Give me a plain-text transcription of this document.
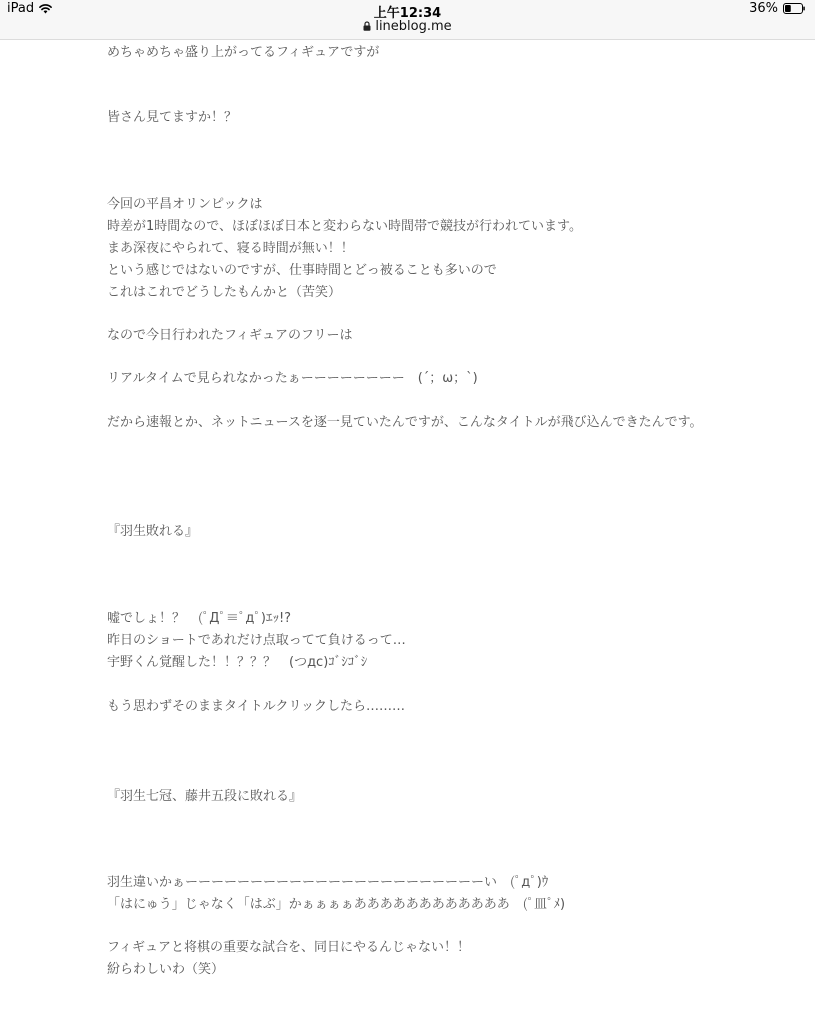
iPad	上午12:34
lineblog.me
36%
めちゃめちゃ盛り上がってるフィギュアですが
皆さん見てますか！？
今回の平昌オリンピックは
時差が1時間なので、ほぼほぼ日本と変わらない時間帯で競技が行われています。
まあ深夜にやられて、寝る時間が無い！！
という感じではないのですが、仕事時間とどっ被ることも多いので
これはこれでどうしたもんかと（苦笑）
なので今日行われたフィギュアのフリーは
リアルタイムで見られなかったぁーーーーーーーー　(´；ω；`)
だから速報とか、ネットニュースを逐一見ていたんですが、こんなタイトルが飛び込んできたんです。
『羽生敗れる』
嘘でしょ！？　(ﾟДﾟ≡ﾟдﾟ)ｴｯ!?
昨日のショートであれだけ点取ってて負けるって…
宇野くん覚醒した！！？？？　(つдc)ｺﾞｼｺﾞｼ
もう思わずそのままタイトルクリックしたら………
『羽生七冠、藤井五段に敗れる』
羽生違いかぁーーーーーーーーーーーーーーーーーーーーーーーい　(ﾟдﾟ)ｳ
「はにゅう」じゃなく「はぶ」かぁぁぁぁああああああああああああ　(ﾟ皿ﾟﾒ)
フィギュアと将棋の重要な試合を、同日にやるんじゃない！！
紛らわしいわ（笑）
